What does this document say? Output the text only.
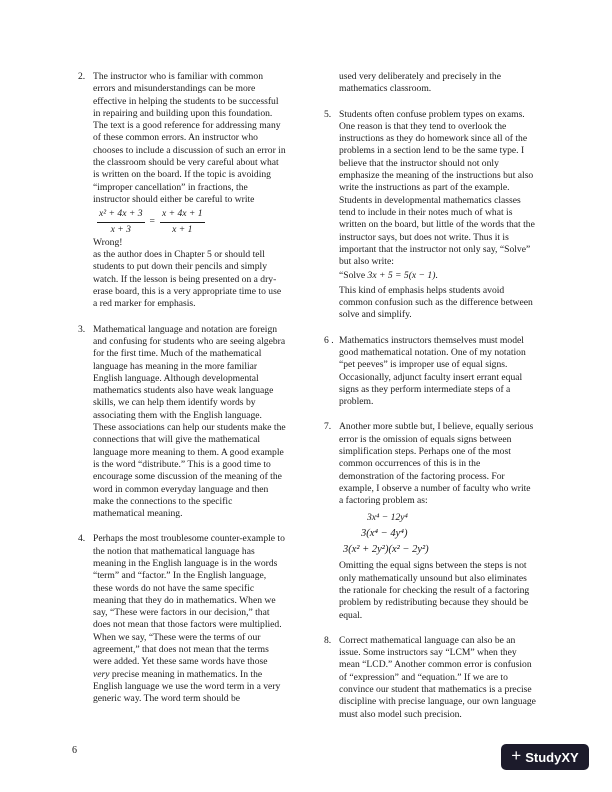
2. The instructor who is familiar with common errors and misunderstandings can be more effective in helping the students to be successful in repairing and building upon this foundation. The text is a good reference for addressing many of these common errors. An instructor who chooses to include a discussion of such an error in the classroom should be very careful about what is written on the board. If the topic is avoiding “improper cancellation” in fractions, the instructor should either be careful to write

$\frac{\text{x² + 4x + 3}}{x + 3} = \frac{x + 4x + 1}{x + 1}$

Wrong!

as the author does in Chapter 5 or should tell students to put down their pencils and simply watch. If the lesson is being presented on a dry-erase board, this is a very appropriate time to use a red marker for emphasis.

3. Mathematical language and notation are foreign and confusing for students who are seeing algebra for the first time. Much of the mathematical language has meaning in the more familiar English language. Although developmental mathematics students also have weak language skills, we can help them identify words by associating them with the English language. These associations can help our students make the connections that will give the mathematical language more meaning to them. A good example is the word “distribute.” This is a good time to encourage some discussion of the meaning of the word in common everyday language and then make the connections to the specific mathematical meaning.

4. Perhaps the most troublesome counter-example to the notion that mathematical language has meaning in the English language is in the words “term” and “factor.” In the English language, these words do not have the same specific meaning that they do in mathematics. When we say, “These were factors in our decision,” that does not mean that those factors were multiplied. When we say, “These were the terms of our agreement,” that does not mean that the terms were added. Yet these same words have those very precise meaning in mathematics. In the English language we use the word term in a very generic way. The word term should be

used very deliberately and precisely in the mathematics classroom.

5. Students often confuse problem types on exams. One reason is that they tend to overlook the instructions as they do homework since all of the problems in a section lend to be the same type. I believe that the instructor should not only emphasize the meaning of the instructions but also write the instructions as part of the example. Students in developmental mathematics classes tend to include in their notes much of what is written on the board, but little of the words that the instructor says, but does not write. Thus it is important that the instructor not only say, “Solve” but also write:

“Solve 3x + 5 = 5(x − 1).

This kind of emphasis helps students avoid common confusion such as the difference between solve and simplify.

6 . Mathematics instructors themselves must model good mathematical notation. One of my notation “pet peeves” is improper use of equal signs. Occasionally, adjunct faculty insert errant equal signs as they perform intermediate steps of a problem.

7. Another more subtle but, I believe, equally serious error is the omission of equals signs between simplification steps. Perhaps one of the most common occurrences of this is in the demonstration of the factoring process. For example, I observe a number of faculty who write a factoring problem as:

3x⁴ − 12y⁴
3(x⁴ − 4y⁴)
3(x² + 2y²)(x² − 2y²)

Omitting the equal signs between the steps is not only mathematically unsound but also eliminates the rationale for checking the result of a factoring problem by redistributing because they should be equal.

8. Correct mathematical language can also be an issue. Some instructors say “LCM” when they mean “LCD.” Another common error is confusion of “expression” and “equation.” If we are to convince our student that mathematics is a precise discipline with precise language, our own language must also model such precision.

6	+ StudyXY
